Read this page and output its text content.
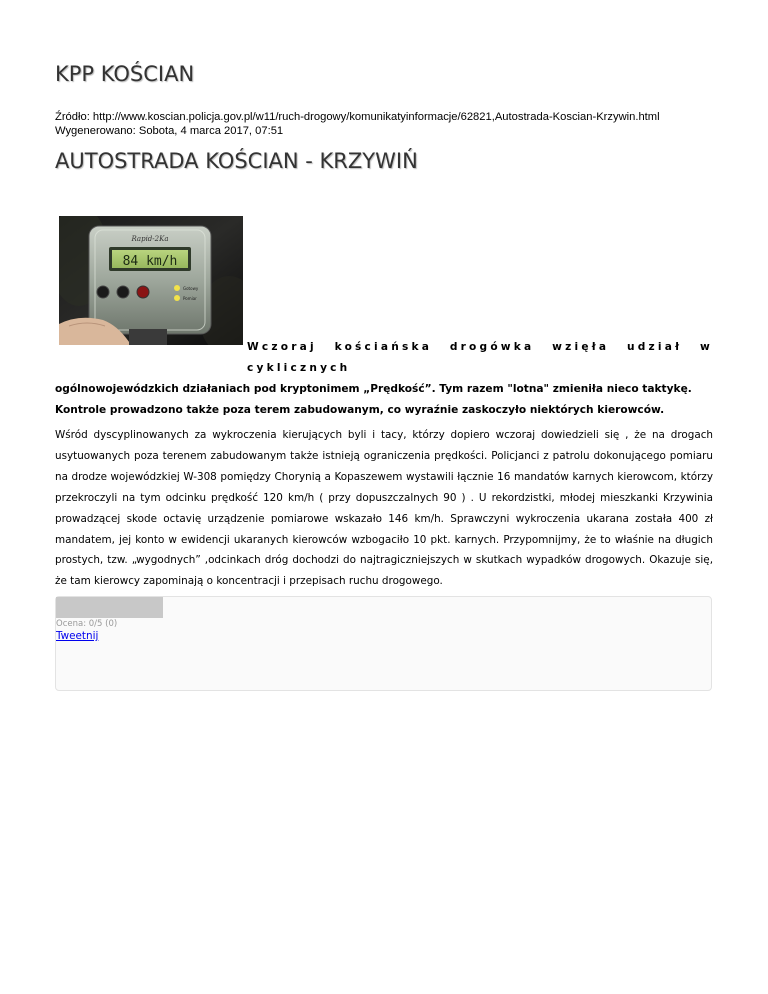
KPP KOŚCIAN
Źródło: http://www.koscian.policja.gov.pl/w11/ruch-drogowy/komunikatyinformacje/62821,Autostrada-Koscian-Krzywin.html
Wygenerowano: Sobota, 4 marca 2017, 07:51
AUTOSTRADA KOŚCIAN - KRZYWIŃ
Rapid-2Ka
84 km/h
Gotowy
Pomiar
Wczoraj kościańska drogówka wzięła udział w cyklicznych
ogólnowojewódzkich działaniach pod kryptonimem „Prędkość”. Tym razem "lotna" zmieniła nieco taktykę.
Kontrole prowadzono także poza terem zabudowanym, co wyraźnie zaskoczyło niektórych kierowców.

Wśród dyscyplinowanych za wykroczenia kierujących byli i tacy, którzy dopiero wczoraj dowiedzieli się , że na drogach usytuowanych poza terenem zabudowanym także istnieją ograniczenia prędkości. Policjanci z patrolu dokonującego pomiaru na drodze wojewódzkiej W-308 pomiędzy Chorynią a Kopaszewem wystawili łącznie 16 mandatów karnych kierowcom, którzy przekroczyli na tym odcinku prędkość 120 km/h ( przy dopuszczalnych 90 ) . U rekordzistki, młodej mieszkanki Krzywinia prowadzącej skode octavię urządzenie pomiarowe wskazało 146 km/h. Sprawczyni wykroczenia ukarana została 400 zł mandatem, jej konto w ewidencji ukaranych kierowców wzbogaciło 10 pkt. karnych. Przypomnijmy, że to właśnie na długich prostych, tzw. „wygodnych” ,odcinkach dróg dochodzi do najtragiczniejszych w skutkach wypadków drogowych. Okazuje się, że tam kierowcy zapominają o koncentracji i przepisach ruchu drogowego.

Ocena: 0/5 (0)
Tweetnij
